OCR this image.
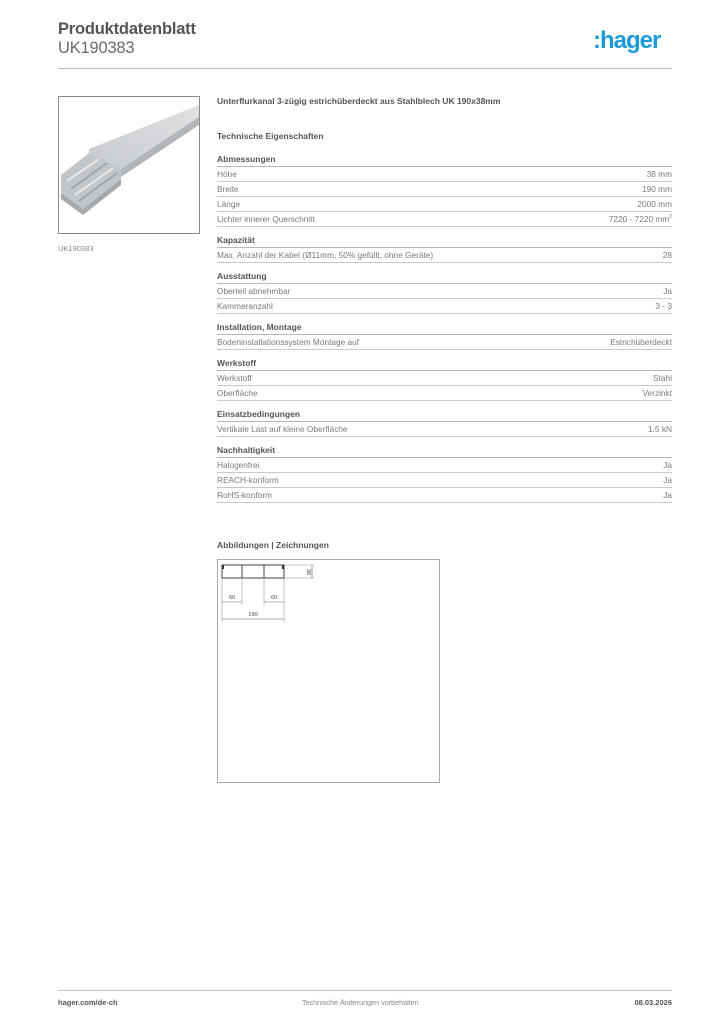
Produktdatenblatt
UK190383	:hager
UK190383
Unterflurkanal 3-zügig estrichüberdeckt aus Stahlblech UK 190x38mm
Technische Eigenschaften
Abmessungen
Höhe	38 mm
Breite	190 mm
Länge	2000 mm
Lichter innerer Querschnitt	7220 - 7220 $mm^2$
Kapazität
Max. Anzahl der Kabel (Ø11mm, 50% gefüllt, ohne Geräte)	28
Ausstattung
Oberteil abnehmbar	Ja
Kammeranzahl	3 - 3
Installation, Montage
Bodeninstallationssystem Montage auf	Estrichüberdeckt
Werkstoff
Werkstoff	Stahl
Oberfläche	Verzinkt
Einsatzbedingungen
Vertikale Last auf kleine Oberfläche	1.5 kN
Nachhaltigkeit
Halogenfrei	Ja
REACH-konform	Ja
RoHS-konform	Ja
Abbildungen | Zeichnungen
38
60	60
190
hager.com/de-ch	Technische Änderungen vorbehalten	08.03.2026
